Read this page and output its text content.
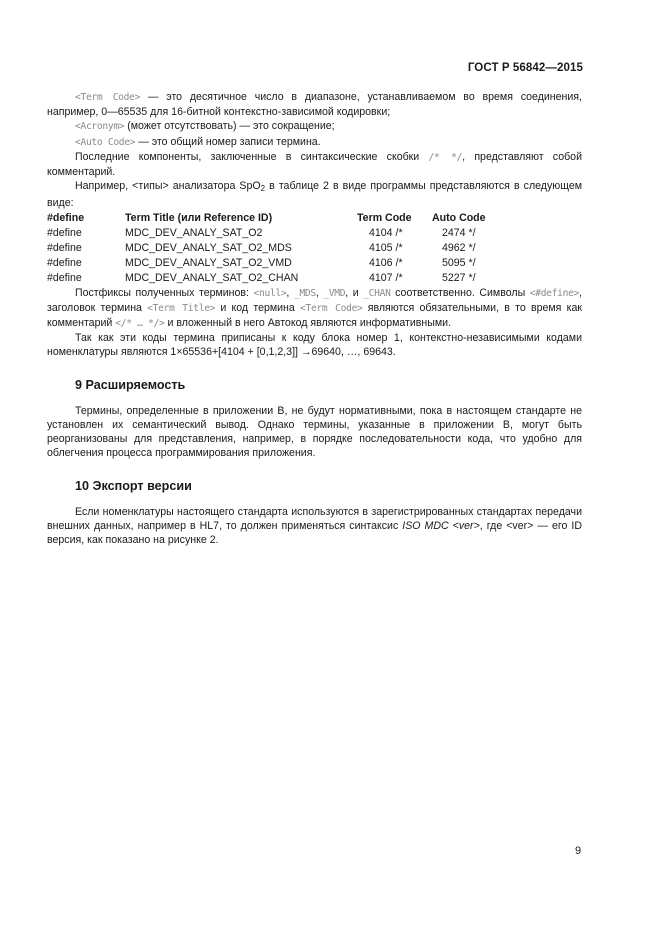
ГОСТ Р 56842—2015

<Term Code> — это десятичное число в диапазоне, устанавливаемом во время соединения, например, 0—65535 для 16-битной контекстно-зависимой кодировки;

<Acronym> (может отсутствовать) — это сокращение;

<Auto Code> — это общий номер записи термина.

Последние компоненты, заключенные в синтаксические скобки /* */, представляют собой комментарий.

Например, <типы> анализатора SpO$_2$ в таблице 2 в виде программы представляются в следующем виде:

#define	Term Title (или Reference ID)	Term Code	Auto Code
#define	MDC_DEV_ANALY_SAT_O2	4104 /*	2474 */
#define	MDC_DEV_ANALY_SAT_O2_MDS	4105 /*	4962 */
#define	MDC_DEV_ANALY_SAT_O2_VMD	4106 /*	5095 */
#define	MDC_DEV_ANALY_SAT_O2_CHAN	4107 /*	5227 */

Постфиксы полученных терминов: <null>, _MDS, _VMD, и _CHAN соответственно. Символы <#define>, заголовок термина <Term Title> и код термина <Term Code> являются обязательными, в то время как комментарий </* … */> и вложенный в него Автокод являются информативными.

Так как эти коды термина приписаны к коду блока номер 1, контекстно-независимыми кодами номенклатуры являются 1×65536+[4104 + [0,1,2,3]] →69640, …, 69643.

9 Расширяемость

Термины, определенные в приложении В, не будут нормативными, пока в настоящем стандарте не установлен их семантический вывод. Однако термины, указанные в приложении В, могут быть реорганизованы для представления, например, в порядке последовательности кода, что удобно для облегчения процесса программирования приложения.

10 Экспорт версии

Если номенклатуры настоящего стандарта используются в зарегистрированных стандартах передачи внешних данных, например в HL7, то должен применяться синтаксис ISO MDC <ver>, где <ver> — его ID версия, как показано на рисунке 2.

9
